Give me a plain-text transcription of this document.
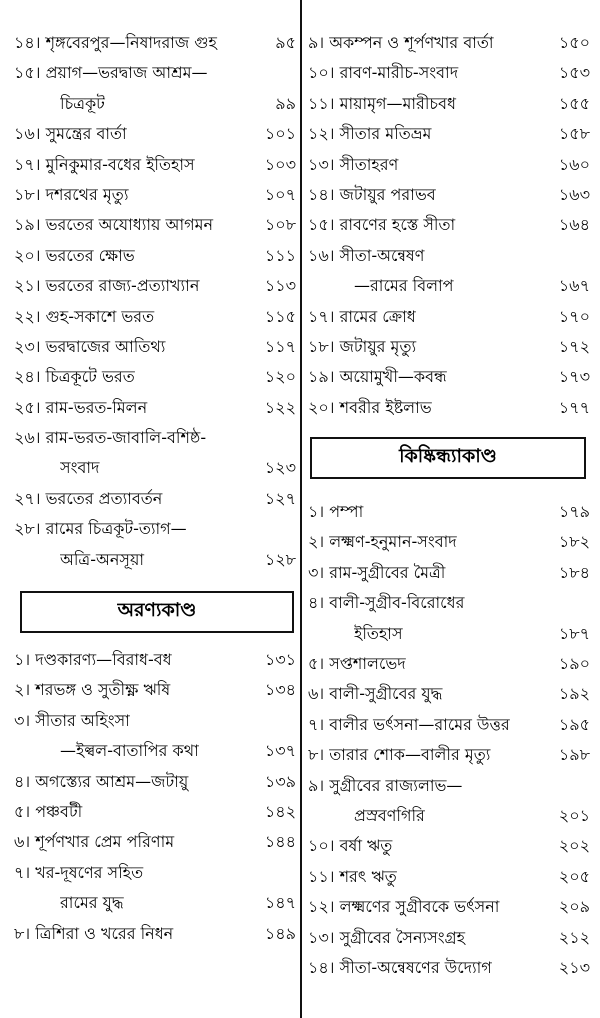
১৪। শৃঙ্গবেরপুর—নিষাদরাজ গুহ	৯৫
১৫। প্রয়াগ—ভরদ্বাজ আশ্রম—
চিত্রকূট	৯৯
১৬। সুমন্ত্রের বার্তা	১০১
১৭। মুনিকুমার-বধের ইতিহাস	১০৩
১৮। দশরথের মৃত্যু	১০৭
১৯। ভরতের অযোধ্যায় আগমন	১০৮
২০। ভরতের ক্ষোভ	১১১
২১। ভরতের রাজ্য-প্রত্যাখ্যান	১১৩
২২। গুহ-সকাশে ভরত	১১৫
২৩। ভরদ্বাজের আতিথ্য	১১৭
২৪। চিত্রকূটে ভরত	১২০
২৫। রাম-ভরত-মিলন	১২২
২৬। রাম-ভরত-জাবালি-বশিষ্ঠ-
সংবাদ	১২৩
২৭। ভরতের প্রত্যাবর্তন	১২৭
২৮। রামের চিত্রকূট-ত্যাগ—
অত্রি-অনসূয়া	১২৮
অরণ্যকাণ্ড
১। দণ্ডকারণ্য—বিরাধ-বধ	১৩১
২। শরভঙ্গ ও সুতীক্ষ্ণ ঋষি	১৩৪
৩। সীতার অহিংসা
—ইল্বল-বাতাপির কথা	১৩৭
৪। অগস্ত্যের আশ্রম—জটায়ু	১৩৯
৫। পঞ্চবটী	১৪২
৬। শূর্পণখার প্রেম পরিণাম	১৪৪
৭। খর-দূষণের সহিত
রামের যুদ্ধ	১৪৭
৮। ত্রিশিরা ও খরের নিধন	১৪৯
৯। অকম্পন ও শূর্পণখার বার্তা	১৫০
১০। রাবণ-মারীচ-সংবাদ	১৫৩
১১। মায়ামৃগ—মারীচবধ	১৫৫
১২। সীতার মতিভ্রম	১৫৮
১৩। সীতাহরণ	১৬০
১৪। জটায়ুর পরাভব	১৬৩
১৫। রাবণের হস্তে সীতা	১৬৪
১৬। সীতা-অন্বেষণ
—রামের বিলাপ	১৬৭
১৭। রামের ক্রোধ	১৭০
১৮। জটায়ুর মৃত্যু	১৭২
১৯। অয়োমুখী—কবন্ধ	১৭৩
২০। শবরীর ইষ্টলাভ	১৭৭
কিষ্কিন্ধ্যাকাণ্ড
১। পম্পা	১৭৯
২। লক্ষ্মণ-হনুমান-সংবাদ	১৮২
৩। রাম-সুগ্রীবের মৈত্রী	১৮৪
৪। বালী-সুগ্রীব-বিরোধের
ইতিহাস	১৮৭
৫। সপ্তশালভেদ	১৯০
৬। বালী-সুগ্রীবের যুদ্ধ	১৯২
৭। বালীর ভর্ৎসনা—রামের উত্তর	১৯৫
৮। তারার শোক—বালীর মৃত্যু	১৯৮
৯। সুগ্রীবের রাজ্যলাভ—
প্রস্রবণগিরি	২০১
১০। বর্ষা ঋতু	২০২
১১। শরৎ ঋতু	২০৫
১২। লক্ষ্মণের সুগ্রীবকে ভর্ৎসনা	২০৯
১৩। সুগ্রীবের সৈন্যসংগ্রহ	২১২
১৪। সীতা-অন্বেষণের উদ্যোগ	২১৩
